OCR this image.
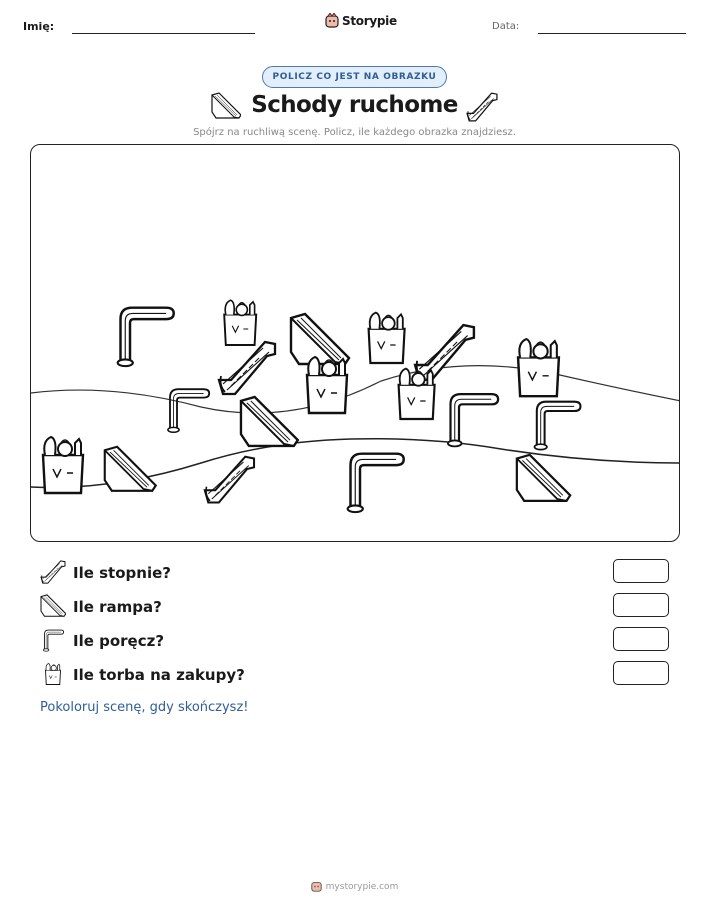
Imię:	Storypie	Data:
POLICZ CO JEST NA OBRAZKU
Schody ruchome
Spójrz na ruchliwą scenę. Policz, ile każdego obrazka znajdziesz.
Ile stopnie?
Ile rampa?
Ile poręcz?
Ile torba na zakupy?
Pokoloruj scenę, gdy skończysz!
mystorypie.com
